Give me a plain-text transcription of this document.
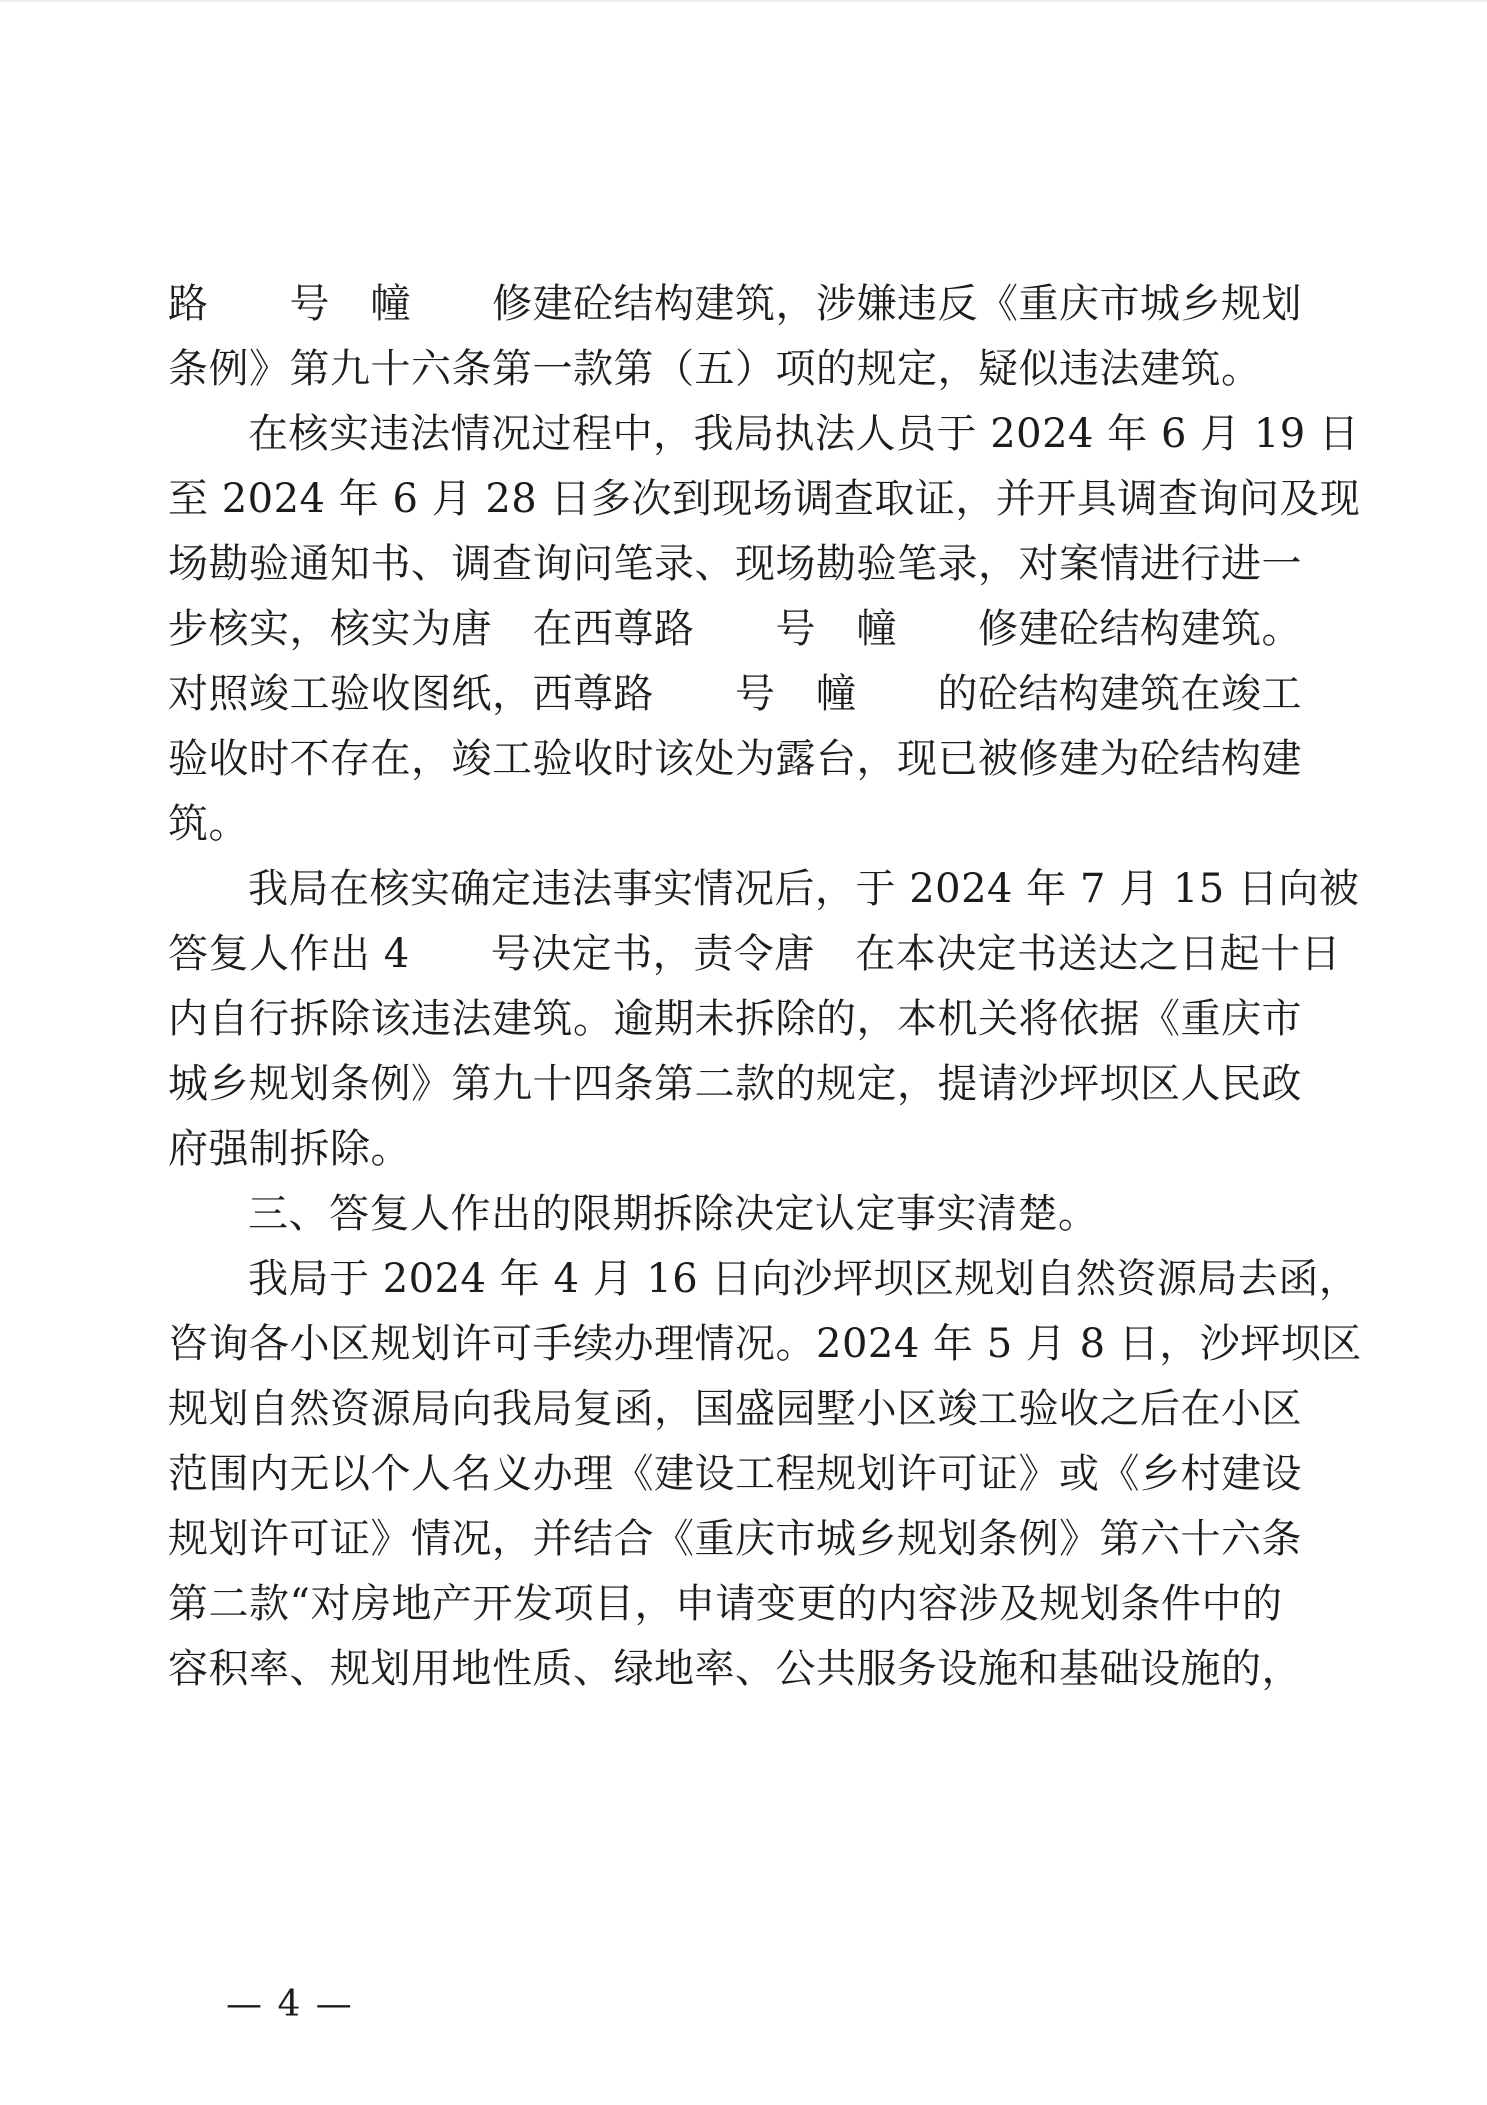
路　　号　幢　　修建砼结构建筑，涉嫌违反《重庆市城乡规划
条例》第九十六条第一款第（五）项的规定，疑似违法建筑。
在核实违法情况过程中，我局执法人员于 2024 年 6 月 19 日
至 2024 年 6 月 28 日多次到现场调查取证，并开具调查询问及现
场勘验通知书、调查询问笔录、现场勘验笔录，对案情进行进一
步核实，核实为唐　在西尊路　　号　幢　　修建砼结构建筑。
对照竣工验收图纸，西尊路　　号　幢　　的砼结构建筑在竣工
验收时不存在，竣工验收时该处为露台，现已被修建为砼结构建
筑。
我局在核实确定违法事实情况后，于 2024 年 7 月 15 日向被
答复人作出 4　　号决定书，责令唐　在本决定书送达之日起十日
内自行拆除该违法建筑。逾期未拆除的，本机关将依据《重庆市
城乡规划条例》第九十四条第二款的规定，提请沙坪坝区人民政
府强制拆除。
三、答复人作出的限期拆除决定认定事实清楚。
我局于 2024 年 4 月 16 日向沙坪坝区规划自然资源局去函，
咨询各小区规划许可手续办理情况。2024 年 5 月 8 日，沙坪坝区
规划自然资源局向我局复函，国盛园墅小区竣工验收之后在小区
范围内无以个人名义办理《建设工程规划许可证》或《乡村建设
规划许可证》情况，并结合《重庆市城乡规划条例》第六十六条
第二款“对房地产开发项目，申请变更的内容涉及规划条件中的
容积率、规划用地性质、绿地率、公共服务设施和基础设施的，
— 4 —
